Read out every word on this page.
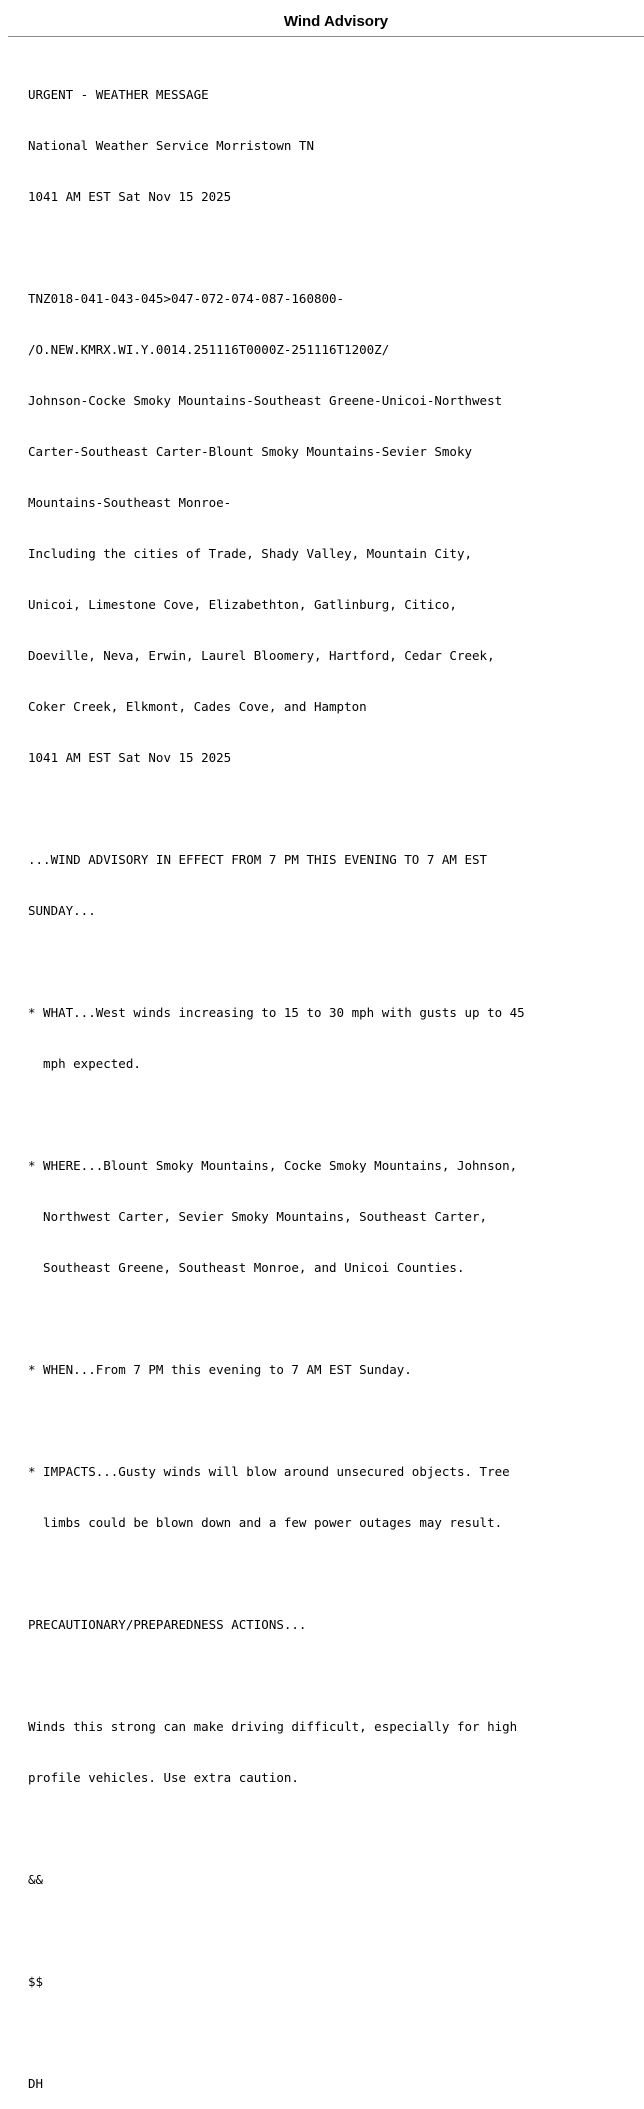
Wind Advisory

URGENT - WEATHER MESSAGE

National Weather Service Morristown TN

1041 AM EST Sat Nov 15 2025

TNZ018-041-043-045>047-072-074-087-160800-

/O.NEW.KMRX.WI.Y.0014.251116T0000Z-251116T1200Z/

Johnson-Cocke Smoky Mountains-Southeast Greene-Unicoi-Northwest

Carter-Southeast Carter-Blount Smoky Mountains-Sevier Smoky

Mountains-Southeast Monroe-

Including the cities of Trade, Shady Valley, Mountain City,

Unicoi, Limestone Cove, Elizabethton, Gatlinburg, Citico,

Doeville, Neva, Erwin, Laurel Bloomery, Hartford, Cedar Creek,

Coker Creek, Elkmont, Cades Cove, and Hampton

1041 AM EST Sat Nov 15 2025

...WIND ADVISORY IN EFFECT FROM 7 PM THIS EVENING TO 7 AM EST

SUNDAY...

* WHAT...West winds increasing to 15 to 30 mph with gusts up to 45

mph expected.

* WHERE...Blount Smoky Mountains, Cocke Smoky Mountains, Johnson,

Northwest Carter, Sevier Smoky Mountains, Southeast Carter,

Southeast Greene, Southeast Monroe, and Unicoi Counties.

* WHEN...From 7 PM this evening to 7 AM EST Sunday.

* IMPACTS...Gusty winds will blow around unsecured objects. Tree

limbs could be blown down and a few power outages may result.

PRECAUTIONARY/PREPAREDNESS ACTIONS...

Winds this strong can make driving difficult, especially for high

profile vehicles. Use extra caution.

&&

$$

DH
